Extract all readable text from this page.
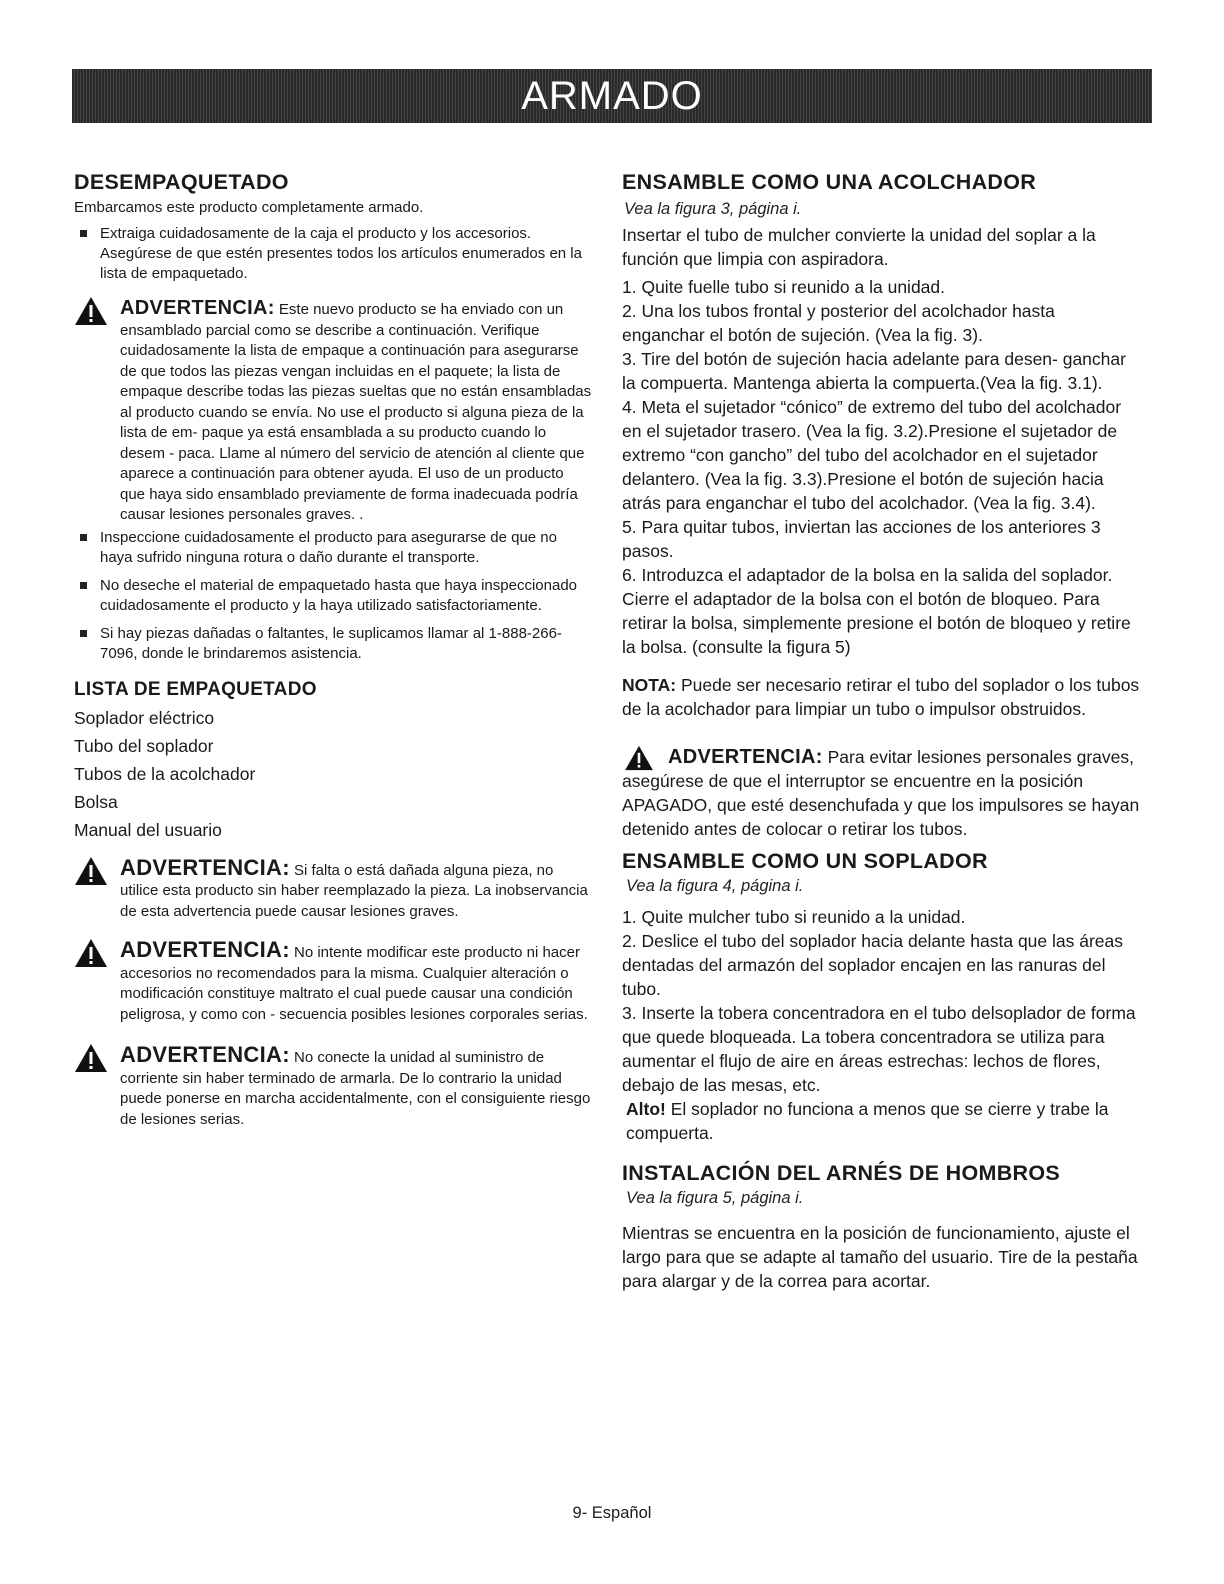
ARMADO
DESEMPAQUETADO

Embarcamos este producto completamente armado.

Extraiga cuidadosamente de la caja el producto y los accesorios. Asegúrese de que estén presentes todos los artículos enumerados en la lista de empaquetado.
ADVERTENCIA: Este nuevo producto se ha enviado con un ensamblado parcial como se describe a continuación. Verifique cuidadosamente la lista de empaque a continuación para asegurarse de que todos las piezas vengan incluidas en el paquete; la lista de empaque describe todas las piezas sueltas que no están ensambladas al producto cuando se envía. No use el producto si alguna pieza de la lista de em- paque ya está ensamblada a su producto cuando lo desem - paca. Llame al número del servicio de atención al cliente que aparece a continuación para obtener ayuda. El uso de un producto que haya sido ensamblado previamente de forma inadecuada podría causar lesiones personales graves. .
Inspeccione cuidadosamente el producto para asegurarse de que no haya sufrido ninguna rotura o daño durante el transporte.
No deseche el material de empaquetado hasta que haya inspeccionado cuidadosamente el producto y la haya utilizado satisfactoriamente.
Si hay piezas dañadas o faltantes, le suplicamos llamar al 1-888-266-7096, donde le brindaremos asistencia.
LISTA DE EMPAQUETADO

Soplador eléctrico

Tubo del soplador

Tubos de la acolchador

Bolsa

Manual del usuario

ADVERTENCIA: Si falta o está dañada alguna pieza, no utilice esta producto sin haber reemplazado la pieza. La inobservancia de esta advertencia puede causar lesiones graves.
ADVERTENCIA: No intente modificar este producto ni hacer accesorios no recomendados para la misma. Cualquier alteración o modificación constituye maltrato el cual puede causar una condición peligrosa, y como con - secuencia posibles lesiones corporales serias.
ADVERTENCIA: No conecte la unidad al suministro de corriente sin haber terminado de armarla. De lo contrario la unidad puede ponerse en marcha accidentalmente, con el consiguiente riesgo de lesiones serias.
ENSAMBLE COMO UNA ACOLCHADOR

Vea la figura 3, página i.

Insertar el tubo de mulcher convierte la unidad del soplar a la función que limpia con aspiradora.

1. Quite fuelle tubo si reunido a la unidad.

2. Una los tubos frontal y posterior del acolchador hasta enganchar el botón de sujeción. (Vea la fig. 3).

3. Tire del botón de sujeción hacia adelante para desen- ganchar la compuerta. Mantenga abierta la compuerta.(Vea la fig. 3.1).

4. Meta el sujetador “cónico” de extremo del tubo del acolchador en el sujetador trasero. (Vea la fig. 3.2).Presione el sujetador de extremo “con gancho” del tubo del acolchador en el sujetador delantero. (Vea la fig. 3.3).Presione el botón de sujeción hacia atrás para enganchar el tubo del acolchador. (Vea la fig. 3.4).

5. Para quitar tubos, inviertan las acciones de los anteriores 3 pasos.

6. Introduzca el adaptador de la bolsa en la salida del soplador. Cierre el adaptador de la bolsa con el botón de bloqueo. Para retirar la bolsa, simplemente presione el botón de bloqueo y retire la bolsa. (consulte la figura 5)

NOTA: Puede ser necesario retirar el tubo del soplador o los tubos de la acolchador para limpiar un tubo o impulsor obstruidos.

ADVERTENCIA: Para evitar lesiones personales graves, asegúrese de que el interruptor se encuentre en la posición APAGADO, que esté desenchufada y que los impulsores se hayan detenido antes de colocar o retirar los tubos.

ENSAMBLE COMO UN SOPLADOR

Vea la figura 4, página i.

1. Quite mulcher tubo si reunido a la unidad.

2. Deslice el tubo del soplador hacia delante hasta que las áreas dentadas del armazón del soplador encajen en las ranuras del tubo.

3. Inserte la tobera concentradora en el tubo delsoplador de forma que quede bloqueada. La tobera concentradora se utiliza para aumentar el flujo de aire en áreas estrechas: lechos de flores, debajo de las mesas, etc.

Alto! El soplador no funciona a menos que se cierre y trabe la compuerta.

INSTALACIÓN DEL ARNÉS DE HOMBROS

Vea la figura 5, página i.

Mientras se encuentra en la posición de funcionamiento, ajuste el largo para que se adapte al tamaño del usuario. Tire de la pestaña para alargar y de la correa para acortar.

9- Español
